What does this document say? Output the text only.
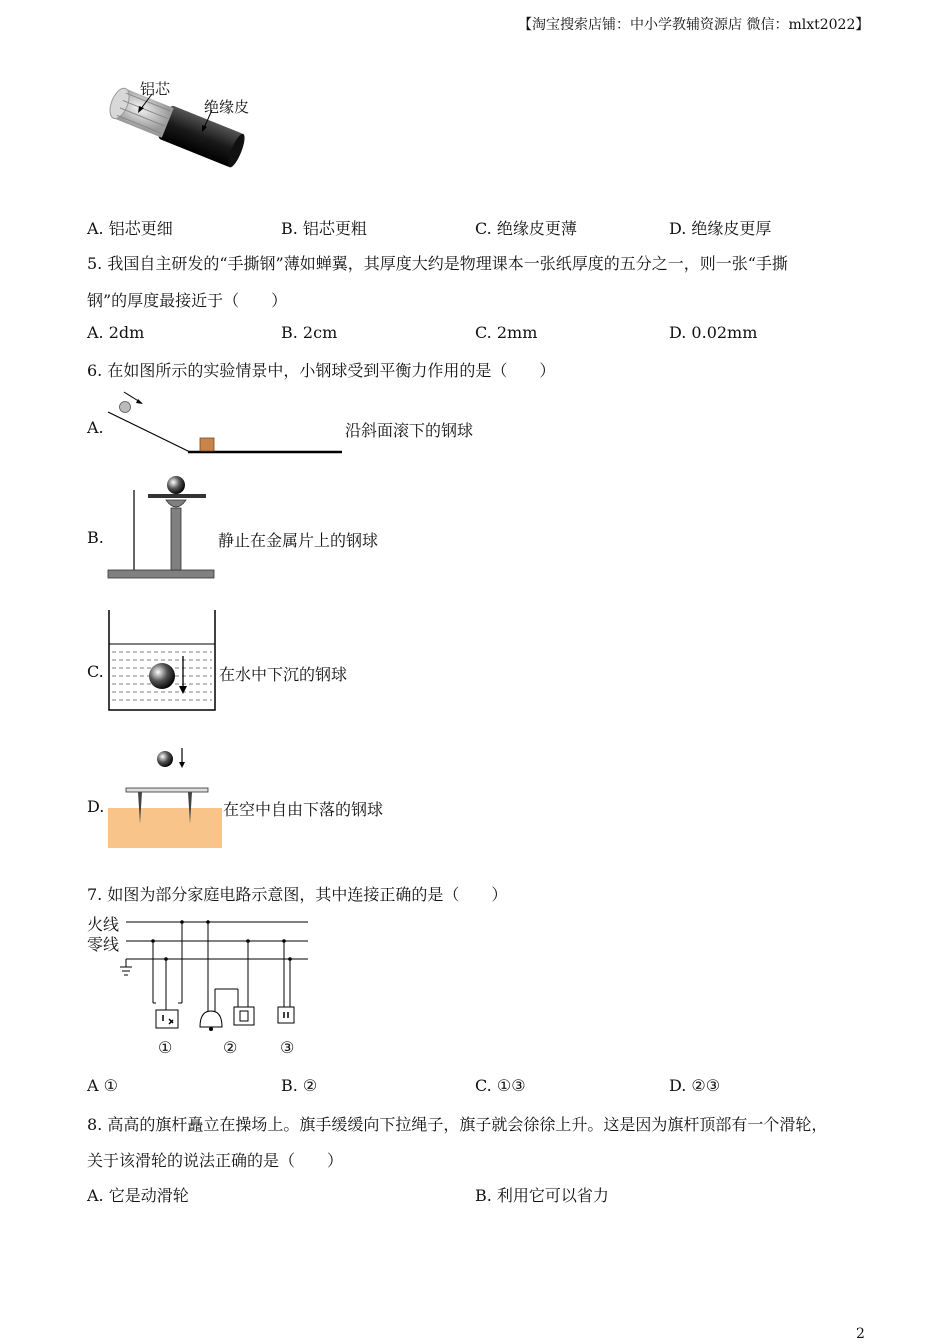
【淘宝搜索店铺：中小学教辅资源店 微信：mlxt2022】
铝芯
绝缘皮
A. 铝芯更细	B. 铝芯更粗	C. 绝缘皮更薄	D. 绝缘皮更厚
5. 我国自主研发的“手撕钢”薄如蝉翼，其厚度大约是物理课本一张纸厚度的五分之一，则一张“手撕
钢”的厚度最接近于（　　）
A. 2dm	B. 2cm	C. 2mm	D. 0.02mm
6. 在如图所示的实验情景中，小钢球受到平衡力作用的是（　　）
A.	沿斜面滚下的钢球
B.	静止在金属片上的钢球
C.	在水中下沉的钢球
D.	在空中自由下落的钢球
7. 如图为部分家庭电路示意图，其中连接正确的是（　　）
火线
零线
①	②	③
A ①	B. ②	C. ①③	D. ②③
8. 高高的旗杆矗立在操场上。旗手缓缓向下拉绳子，旗子就会徐徐上升。这是因为旗杆顶部有一个滑轮，
关于该滑轮的说法正确的是（　　）
A. 它是动滑轮	B. 利用它可以省力
2
